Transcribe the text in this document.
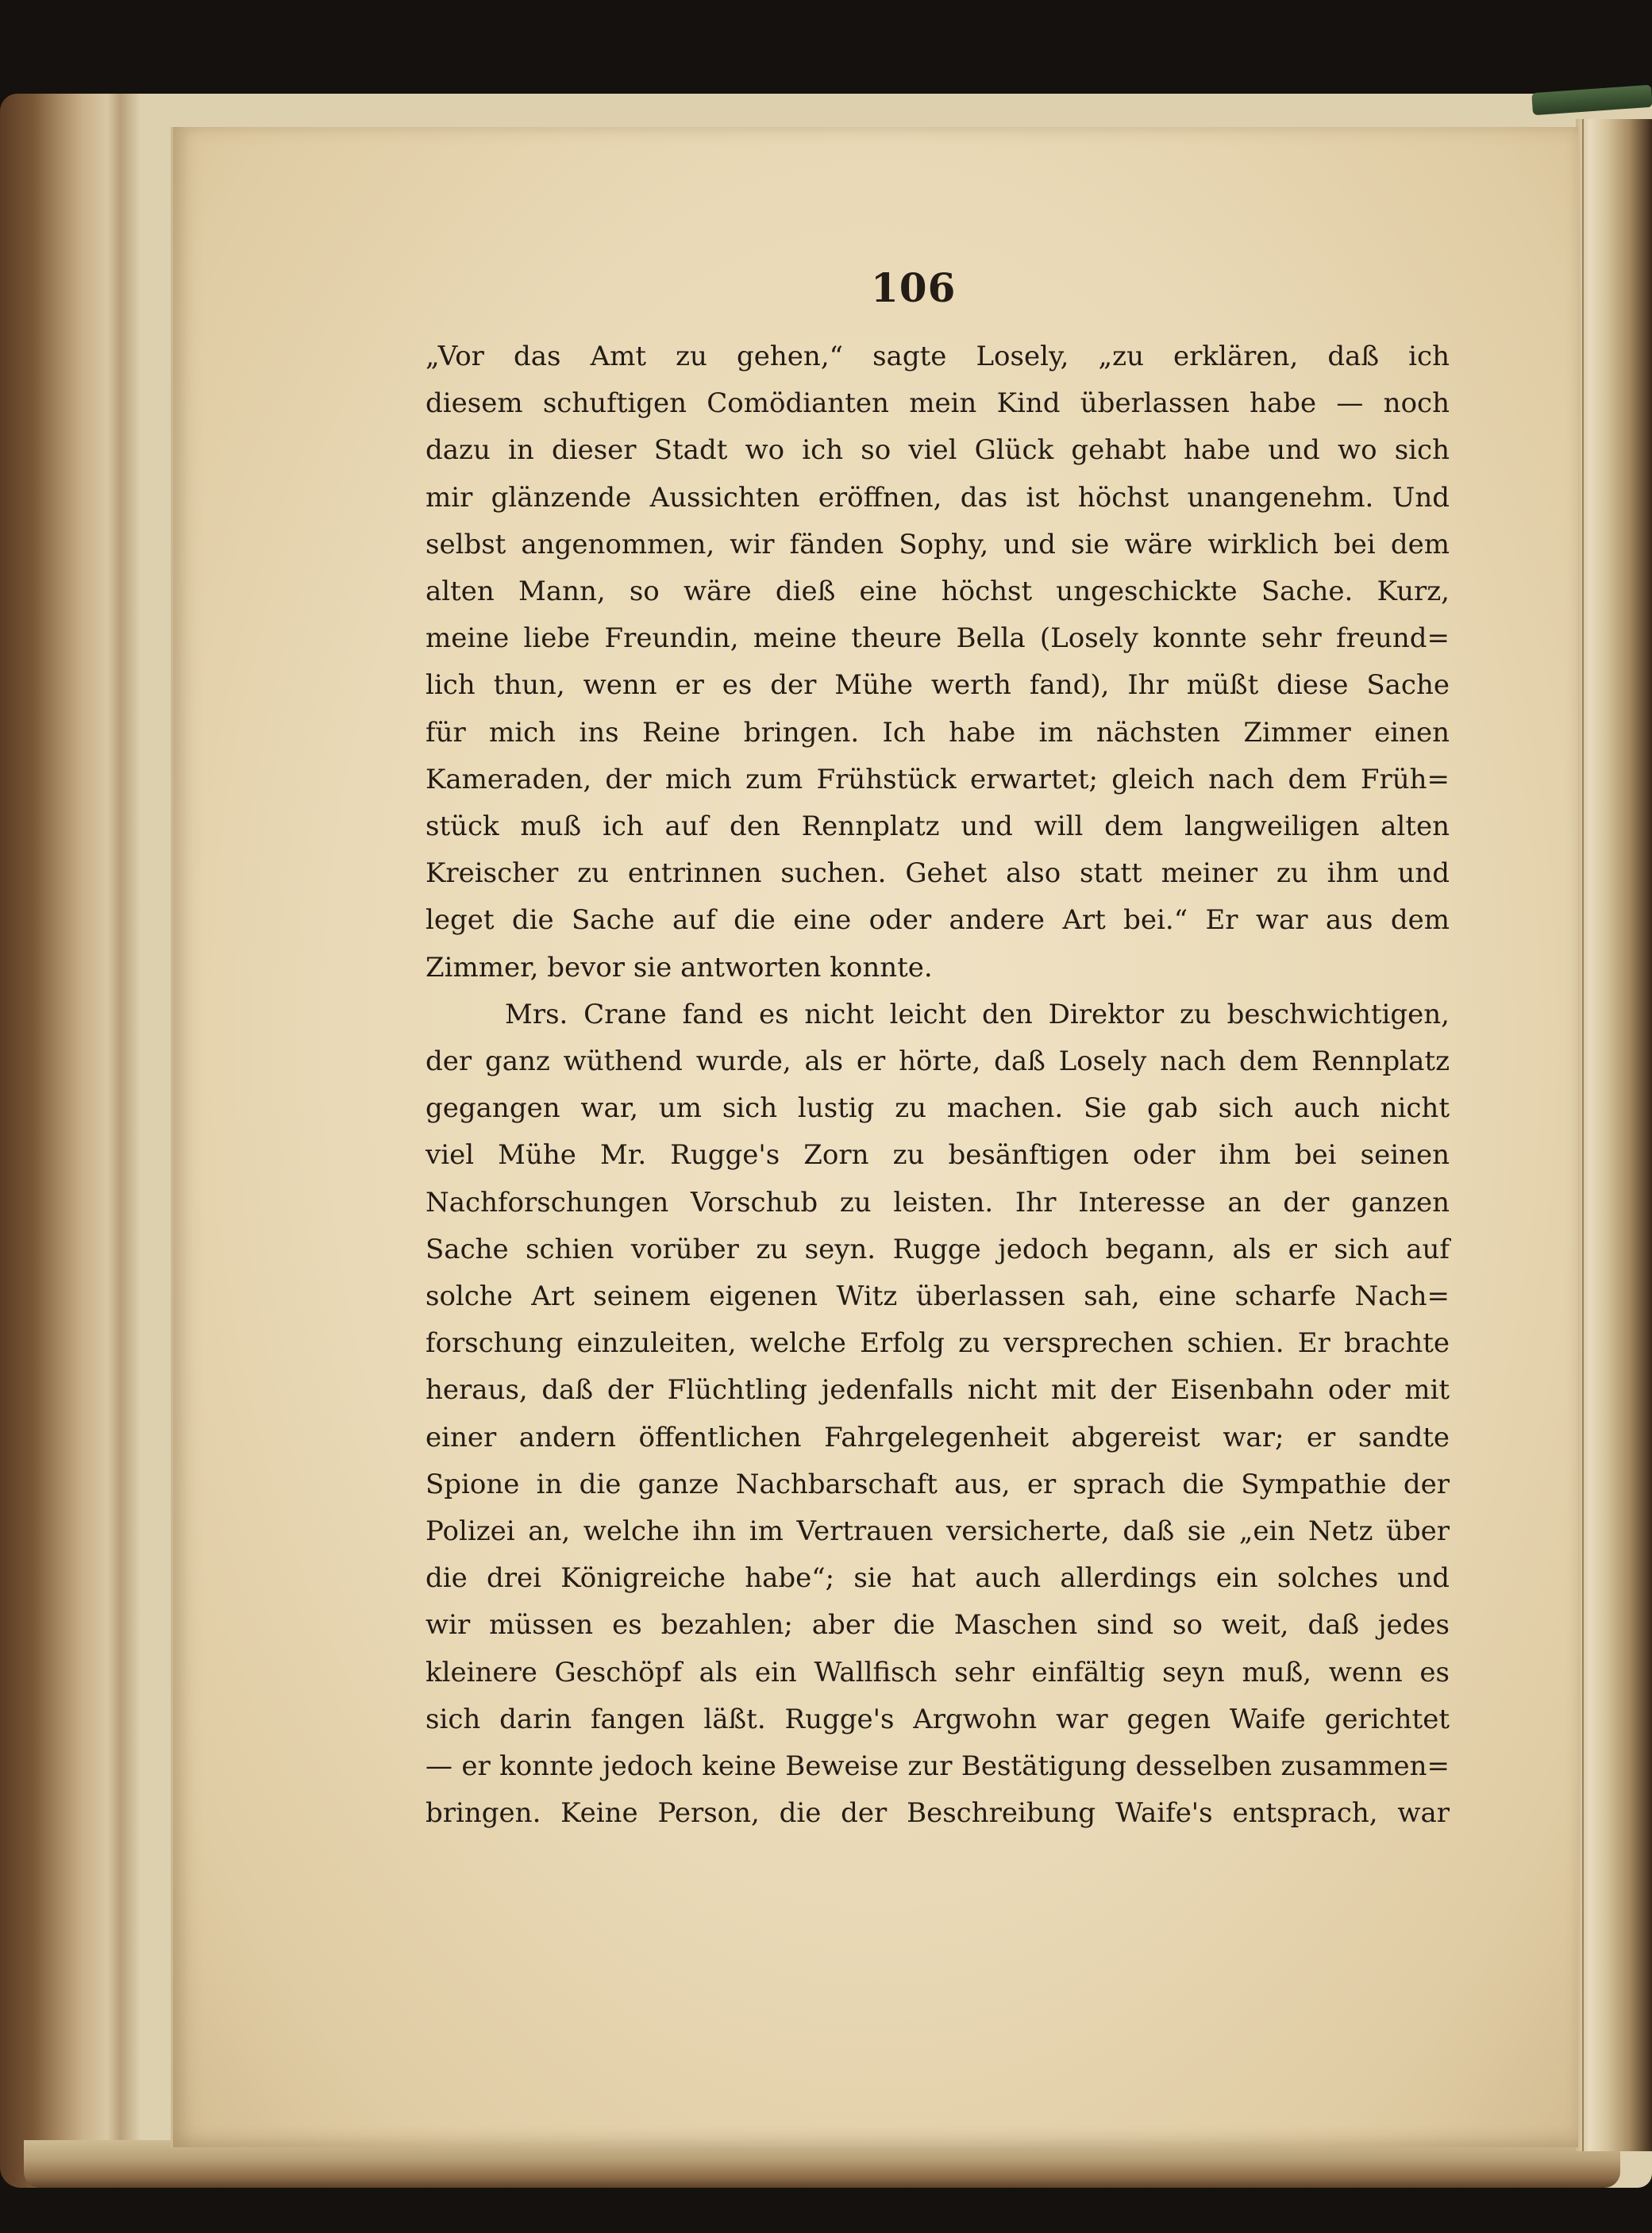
106
„Vor das Amt zu gehen,“ sagte Losely, „zu erklären, daß ich
diesem schuftigen Comödianten mein Kind überlassen habe — noch
dazu in dieser Stadt wo ich so viel Glück gehabt habe und wo sich
mir glänzende Aussichten eröffnen, das ist höchst unangenehm. Und
selbst angenommen, wir fänden Sophy, und sie wäre wirklich bei dem
alten Mann, so wäre dieß eine höchst ungeschickte Sache. Kurz,
meine liebe Freundin, meine theure Bella (Losely konnte sehr freund=
lich thun, wenn er es der Mühe werth fand), Ihr müßt diese Sache
für mich ins Reine bringen. Ich habe im nächsten Zimmer einen
Kameraden, der mich zum Frühstück erwartet; gleich nach dem Früh=
stück muß ich auf den Rennplatz und will dem langweiligen alten
Kreischer zu entrinnen suchen. Gehet also statt meiner zu ihm und
leget die Sache auf die eine oder andere Art bei.“ Er war aus dem
Zimmer, bevor sie antworten konnte.
Mrs. Crane fand es nicht leicht den Direktor zu beschwichtigen,
der ganz wüthend wurde, als er hörte, daß Losely nach dem Rennplatz
gegangen war, um sich lustig zu machen. Sie gab sich auch nicht
viel Mühe Mr. Rugge's Zorn zu besänftigen oder ihm bei seinen
Nachforschungen Vorschub zu leisten. Ihr Interesse an der ganzen
Sache schien vorüber zu seyn. Rugge jedoch begann, als er sich auf
solche Art seinem eigenen Witz überlassen sah, eine scharfe Nach=
forschung einzuleiten, welche Erfolg zu versprechen schien. Er brachte
heraus, daß der Flüchtling jedenfalls nicht mit der Eisenbahn oder mit
einer andern öffentlichen Fahrgelegenheit abgereist war; er sandte
Spione in die ganze Nachbarschaft aus, er sprach die Sympathie der
Polizei an, welche ihn im Vertrauen versicherte, daß sie „ein Netz über
die drei Königreiche habe“; sie hat auch allerdings ein solches und
wir müssen es bezahlen; aber die Maschen sind so weit, daß jedes
kleinere Geschöpf als ein Wallfisch sehr einfältig seyn muß, wenn es
sich darin fangen läßt. Rugge's Argwohn war gegen Waife gerichtet
— er konnte jedoch keine Beweise zur Bestätigung desselben zusammen=
bringen. Keine Person, die der Beschreibung Waife's entsprach, war
